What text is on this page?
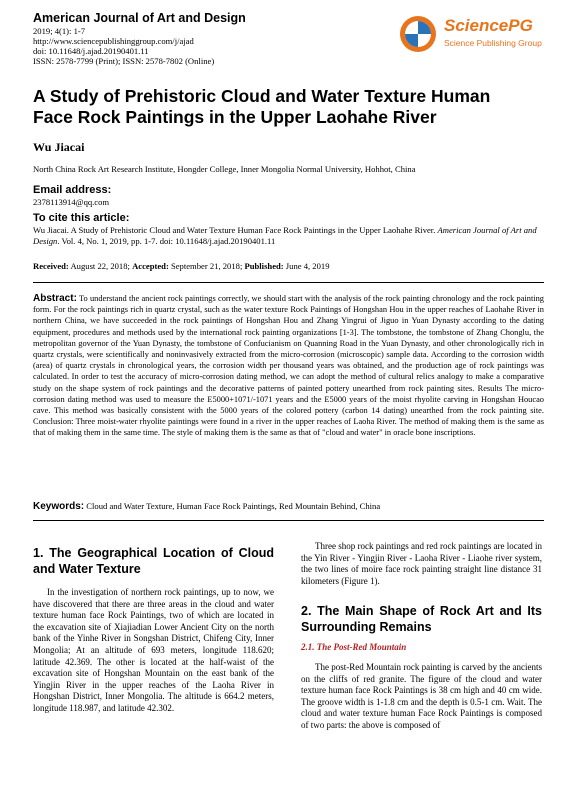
American Journal of Art and Design
2019; 4(1): 1-7
http://www.sciencepublishinggroup.com/j/ajad
doi: 10.11648/j.ajad.20190401.11
ISSN: 2578-7799 (Print); ISSN: 2578-7802 (Online)
SciencePG
Science Publishing Group
A Study of Prehistoric Cloud and Water Texture Human Face Rock Paintings in the Upper Laohahe River
Wu Jiacai
North China Rock Art Research Institute, Hongder College, Inner Mongolia Normal University, Hohhot, China
Email address:
2378113914@qq.com
To cite this article:
Wu Jiacai. A Study of Prehistoric Cloud and Water Texture Human Face Rock Paintings in the Upper Laohahe River. American Journal of Art and Design. Vol. 4, No. 1, 2019, pp. 1-7. doi: 10.11648/j.ajad.20190401.11
Received: August 22, 2018; Accepted: September 21, 2018; Published: June 4, 2019
Abstract: To understand the ancient rock paintings correctly, we should start with the analysis of the rock painting chronology and the rock painting form. For the rock paintings rich in quartz crystal, such as the water texture Rock Paintings of Hongshan Hou in the upper reaches of Laohahe River in northern China, we have succeeded in the rock paintings of Hongshan Hou and Zhang Yingrui of Jiguo in Yuan Dynasty according to the dating equipment, procedures and methods used by the international rock painting organizations [1-3]. The tombstone, the tombstone of Zhang Chonglu, the metropolitan governor of the Yuan Dynasty, the tombstone of Confucianism on Quanning Road in the Yuan Dynasty, and other chronologically rich in quartz crystals, were scientifically and noninvasively extracted from the micro-corrosion (microscopic) sample data. According to the corrosion width (area) of quartz crystals in chronological years, the corrosion width per thousand years was obtained, and the production age of rock paintings was calculated. In order to test the accuracy of micro-corrosion dating method, we can adopt the method of cultural relics analogy to make a comparative study on the shape system of rock paintings and the decorative patterns of painted pottery unearthed from rock painting sites. Results The micro-corrosion dating method was used to measure the E5000+1071/-1071 years and the E5000 years of the moist rhyolite carving in Hongshan Houcao cave. This method was basically consistent with the 5000 years of the colored pottery (carbon 14 dating) unearthed from the rock painting site. Conclusion: Three moist-water rhyolite paintings were found in a river in the upper reaches of Laoha River. The method of making them is the same as that of making them in the same time. The style of making them is the same as that of "cloud and water" in oracle bone inscriptions.
Keywords: Cloud and Water Texture, Human Face Rock Paintings, Red Mountain Behind, China
1. The Geographical Location of Cloud and Water Texture

In the investigation of northern rock paintings, up to now, we have discovered that there are three areas in the cloud and water texture human face Rock Paintings, two of which are located in the excavation site of Xiajiadian Lower Ancient City on the north bank of the Yinhe River in Songshan District, Chifeng City, Inner Mongolia; At an altitude of 693 meters, longitude 118.620; latitude 42.369. The other is located at the half-waist of the excavation site of Hongshan Mountain on the east bank of the Yingjin River in the upper reaches of the Laoha River in Hongshan District, Inner Mongolia. The altitude is 664.2 meters, longitude 118.987, and latitude 42.302.

Three shop rock paintings and red rock paintings are located in the Yin River - Yingjin River - Laoha River - Liaohe river system, the two lines of moire face rock painting straight line distance 31 kilometers (Figure 1).

2. The Main Shape of Rock Art and Its Surrounding Remains
2.1. The Post-Red Mountain

The post-Red Mountain rock painting is carved by the ancients on the cliffs of red granite. The figure of the cloud and water texture human face Rock Paintings is 38 cm high and 40 cm wide. The groove width is 1-1.8 cm and the depth is 0.5-1 cm. Wait. The cloud and water texture human Face Rock Paintings is composed of two parts: the above is composed of
